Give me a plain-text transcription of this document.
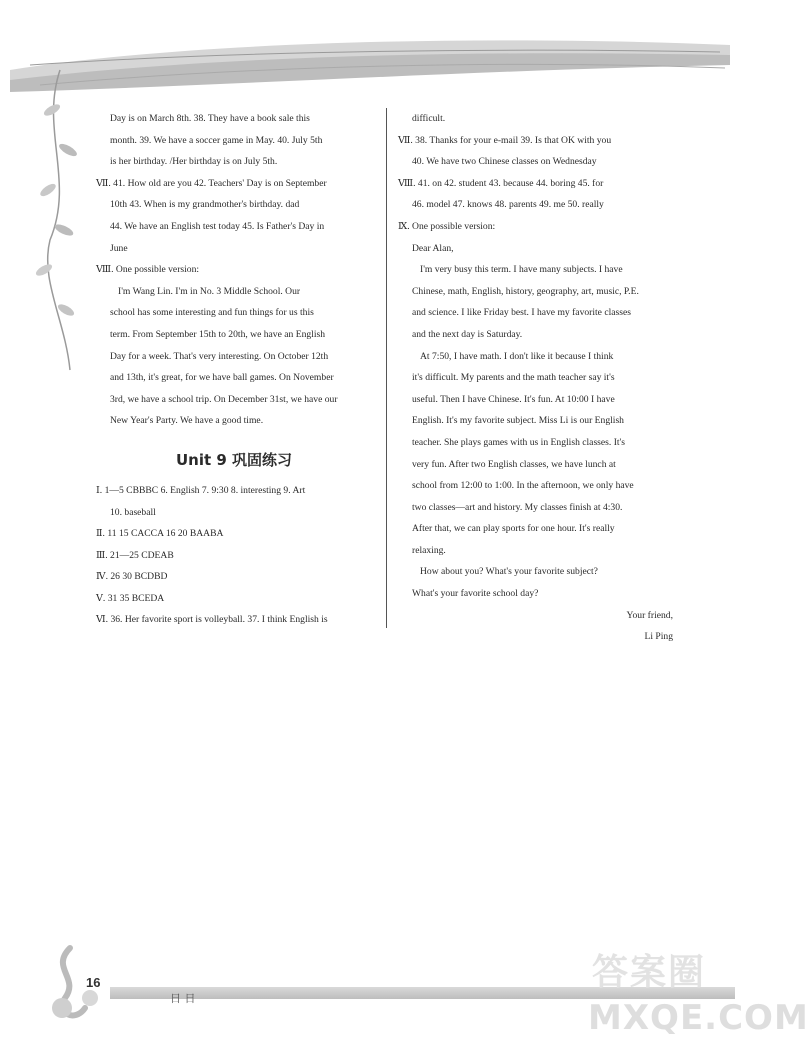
Day is on March 8th. 38. They have a book sale this
month. 39. We have a soccer game in May. 40. July 5th
is her birthday. /Her birthday is on July 5th.
Ⅶ. 41. How old are you 42. Teachers' Day is on September
10th 43. When is my grandmother's birthday. dad
44. We have an English test today 45. Is Father's Day in
June
Ⅷ. One possible version:
I'm Wang Lin. I'm in No. 3 Middle School. Our
school has some interesting and fun things for us this
term. From September 15th to 20th, we have an English
Day for a week. That's very interesting. On October 12th
and 13th, it's great, for we have ball games. On November
3rd, we have a school trip. On December 31st, we have our
New Year's Party. We have a good time.
Unit 9 巩固练习
Ⅰ. 1—5 CBBBC 6. English 7. 9:30 8. interesting 9. Art
10. baseball
Ⅱ. 11 15 CACCA 16 20 BAABA
Ⅲ. 21—25 CDEAB
Ⅳ. 26 30 BCDBD
Ⅴ. 31 35 BCEDA
Ⅵ. 36. Her favorite sport is volleyball. 37. I think English is
difficult.
Ⅶ. 38. Thanks for your e-mail 39. Is that OK with you
40. We have two Chinese classes on Wednesday
Ⅷ. 41. on 42. student 43. because 44. boring 45. for
46. model 47. knows 48. parents 49. me 50. really
Ⅸ. One possible version:
Dear Alan,
I'm very busy this term. I have many subjects. I have
Chinese, math, English, history, geography, art, music, P.E.
and science. I like Friday best. I have my favorite classes
and the next day is Saturday.
At 7:50, I have math. I don't like it because I think
it's difficult. My parents and the math teacher say it's
useful. Then I have Chinese. It's fun. At 10:00 I have
English. It's my favorite subject. Miss Li is our English
teacher. She plays games with us in English classes. It's
very fun. After two English classes, we have lunch at
school from 12:00 to 1:00. In the afternoon, we only have
two classes—art and history. My classes finish at 4:30.
After that, we can play sports for one hour. It's really
relaxing.
How about you? What's your favorite subject?
What's your favorite school day?
Your friend,
Li Ping
16
日 日
答案圈
MXQE.COM
